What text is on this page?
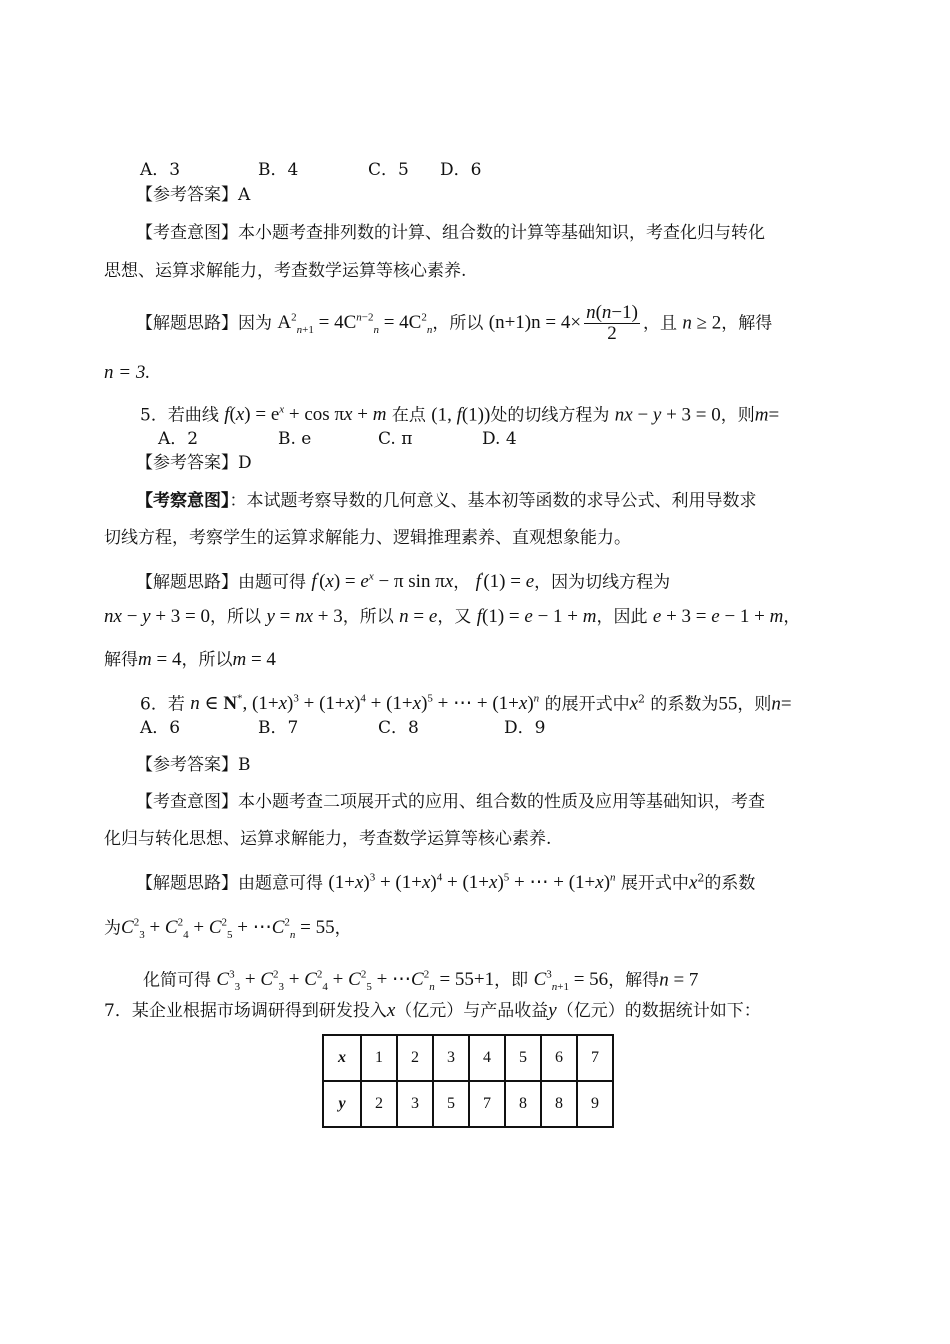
A．3	B．4	C．5 D．6
【参考答案】A
【考查意图】本小题考查排列数的计算、组合数的计算等基础知识，考查化归与转化
思想、运算求解能力，考查数学运算等核心素养.
【解题思路】因为 $A^2_{n+1} = 4C^{n-2}_n = 4C^2_n$，所以 $(n+1)n = 4\times \frac{n(n-1)}{2}$ ，且 n ≥ 2，解得
n = 3.
5．若曲线 $f(x) = e^x + \cos \pi x + m$ 在点 (1, f(1))处的切线方程为 nx − y + 3 = 0，则m=
A．2	B. e	C. π	D. 4
【参考答案】D
【考察意图】：本试题考察导数的几何意义、基本初等函数的求导公式、利用导数求
切线方程，考察学生的运算求解能力、逻辑推理素养、直观想象能力。
【解题思路】由题可得 $f'(x) = e^x - \pi$ sin πx， f′(1) = e，因为切线方程为
nx − y + 3 = 0，所以 y = nx + 3，所以 n = e，又 f(1) = e − 1 + m，因此 e + 3 = e − 1 + m，
解得m = 4，所以m = 4
6．若 n ∈ N*, $(1+x)^3 + (1+x)^4 + (1+x)^5$ + ⋯ + $(1+x)^n$ 的展开式中$x^2$ 的系数为55，则n=
A．6	B．7	C．8	D．9
【参考答案】B
【考查意图】本小题考查二项展开式的应用、组合数的性质及应用等基础知识，考查
化归与转化思想、运算求解能力，考查数学运算等核心素养.
【解题思路】由题意可得 $(1+x)^3 + (1+x)^4 + (1+x)^5$ + ⋯ + $(1+x)^n$ 展开式中$x^2$的系数
为$C^2_3 + C^2_4 + C^2_5$ + $\cdots C^2_n = 55$，
化简可得 $C^3_3 + C^2_3 + C^2_4 + C^2_5$ + $\cdots C^2_n = 55+1$，即 $C^3_{n+1} = 56$，解得n = 7
7．某企业根据市场调研得到研发投入x（亿元）与产品收益y（亿元）的数据统计如下：
x	1	2	3	4	5	6	7
y	2	3	5	7	8	8	9
